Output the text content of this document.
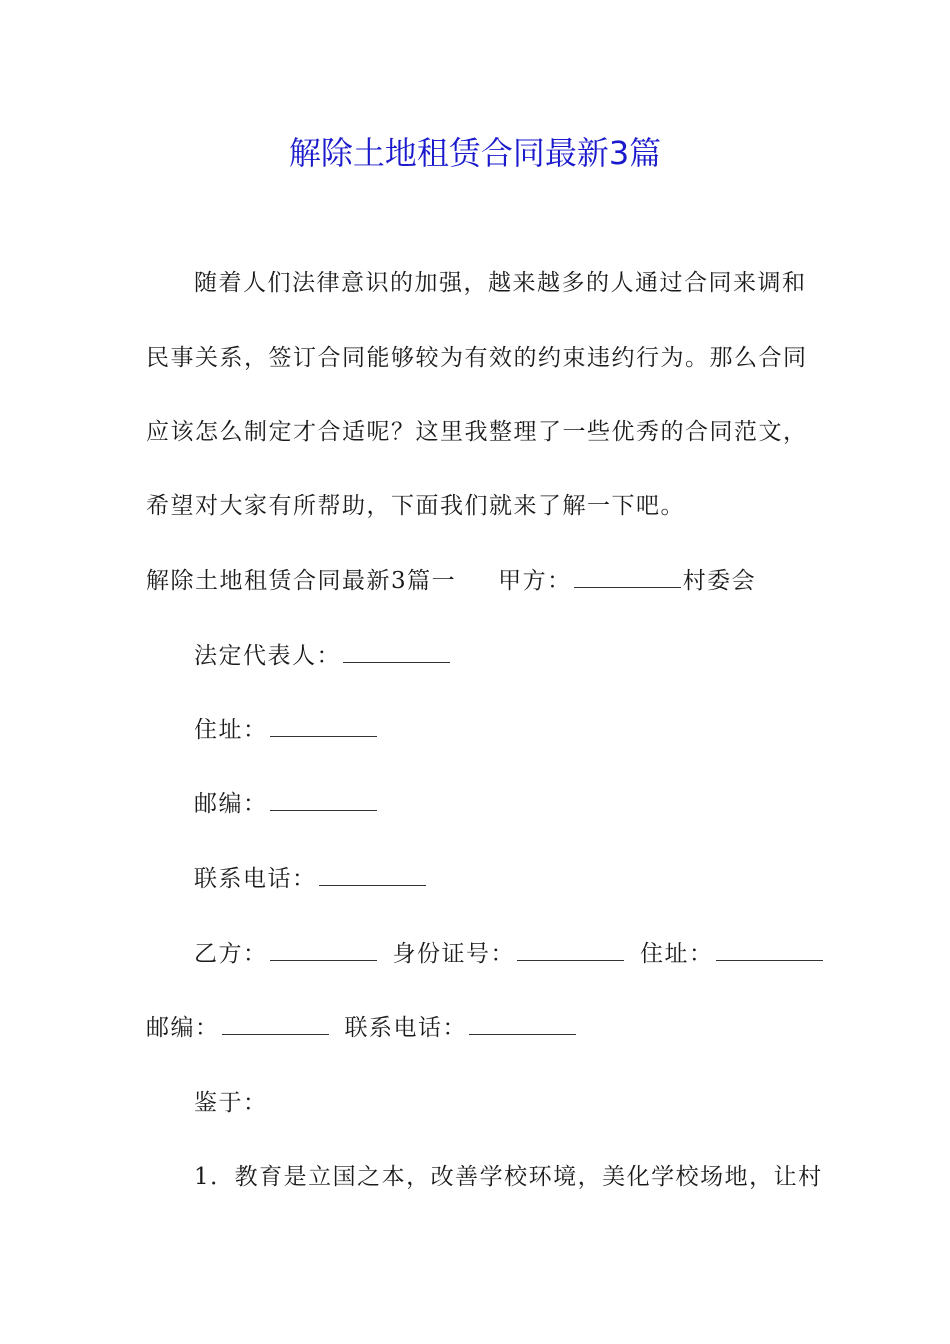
解除土地租赁合同最新3篇
随着人们法律意识的加强，越来越多的人通过合同来调和
民事关系，签订合同能够较为有效的约束违约行为。那么合同
应该怎么制定才合适呢？这里我整理了一些优秀的合同范文，
希望对大家有所帮助，下面我们就来了解一下吧。
解除土地租赁合同最新3篇一 甲方：	村委会
法定代表人：
住址：
邮编：
联系电话：
乙方：	身份证号：	住址：
邮编：	联系电话：
鉴于：
1．教育是立国之本，改善学校环境，美化学校场地，让村
